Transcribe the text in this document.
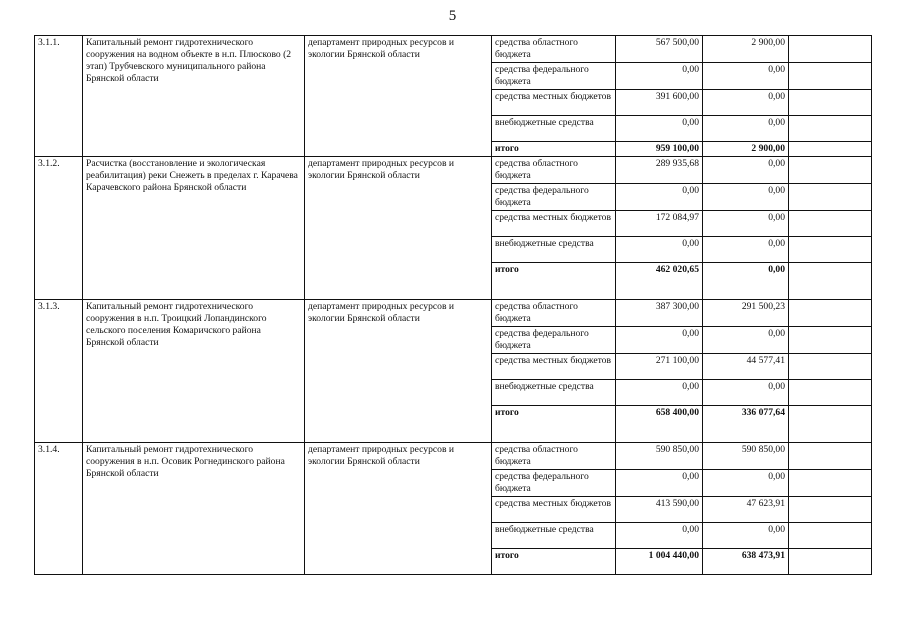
5
3.1.1.	Капитальный ремонт гидротехнического сооружения на водном объекте в н.п. Плюсково (2 этап) Трубчевского муниципального района Брянской области	департамент природных ресурсов и экологии Брянской области	средства областного бюджета	567 500,00	2 900,00	
			средства федерального бюджета	0,00	0,00	
			средства местных бюджетов	391 600,00	0,00	
			внебюджетные средства	0,00	0,00	
			итого	959 100,00	2 900,00	
3.1.2.	Расчистка (восстановление и экологическая реабилитация) реки Снежеть в пределах г. Карачева Карачевского района Брянской области	департамент природных ресурсов и экологии Брянской области	средства областного бюджета	289 935,68	0,00	
			средства федерального бюджета	0,00	0,00	
			средства местных бюджетов	172 084,97	0,00	
			внебюджетные средства	0,00	0,00	
			итого	462 020,65	0,00	
3.1.3.	Капитальный ремонт гидротехнического сооружения в н.п. Троицкий Лопандинского сельского поселения Комаричского района Брянской области	департамент природных ресурсов и экологии Брянской области	средства областного бюджета	387 300,00	291 500,23	
			средства федерального бюджета	0,00	0,00	
			средства местных бюджетов	271 100,00	44 577,41	
			внебюджетные средства	0,00	0,00	
			итого	658 400,00	336 077,64	
3.1.4.	Капитальный ремонт гидротехнического сооружения в н.п. Осовик Рогнединского района Брянской области	департамент природных ресурсов и экологии Брянской области	средства областного бюджета	590 850,00	590 850,00	
			средства федерального бюджета	0,00	0,00	
			средства местных бюджетов	413 590,00	47 623,91	
			внебюджетные средства	0,00	0,00	
			итого	1 004 440,00	638 473,91	
